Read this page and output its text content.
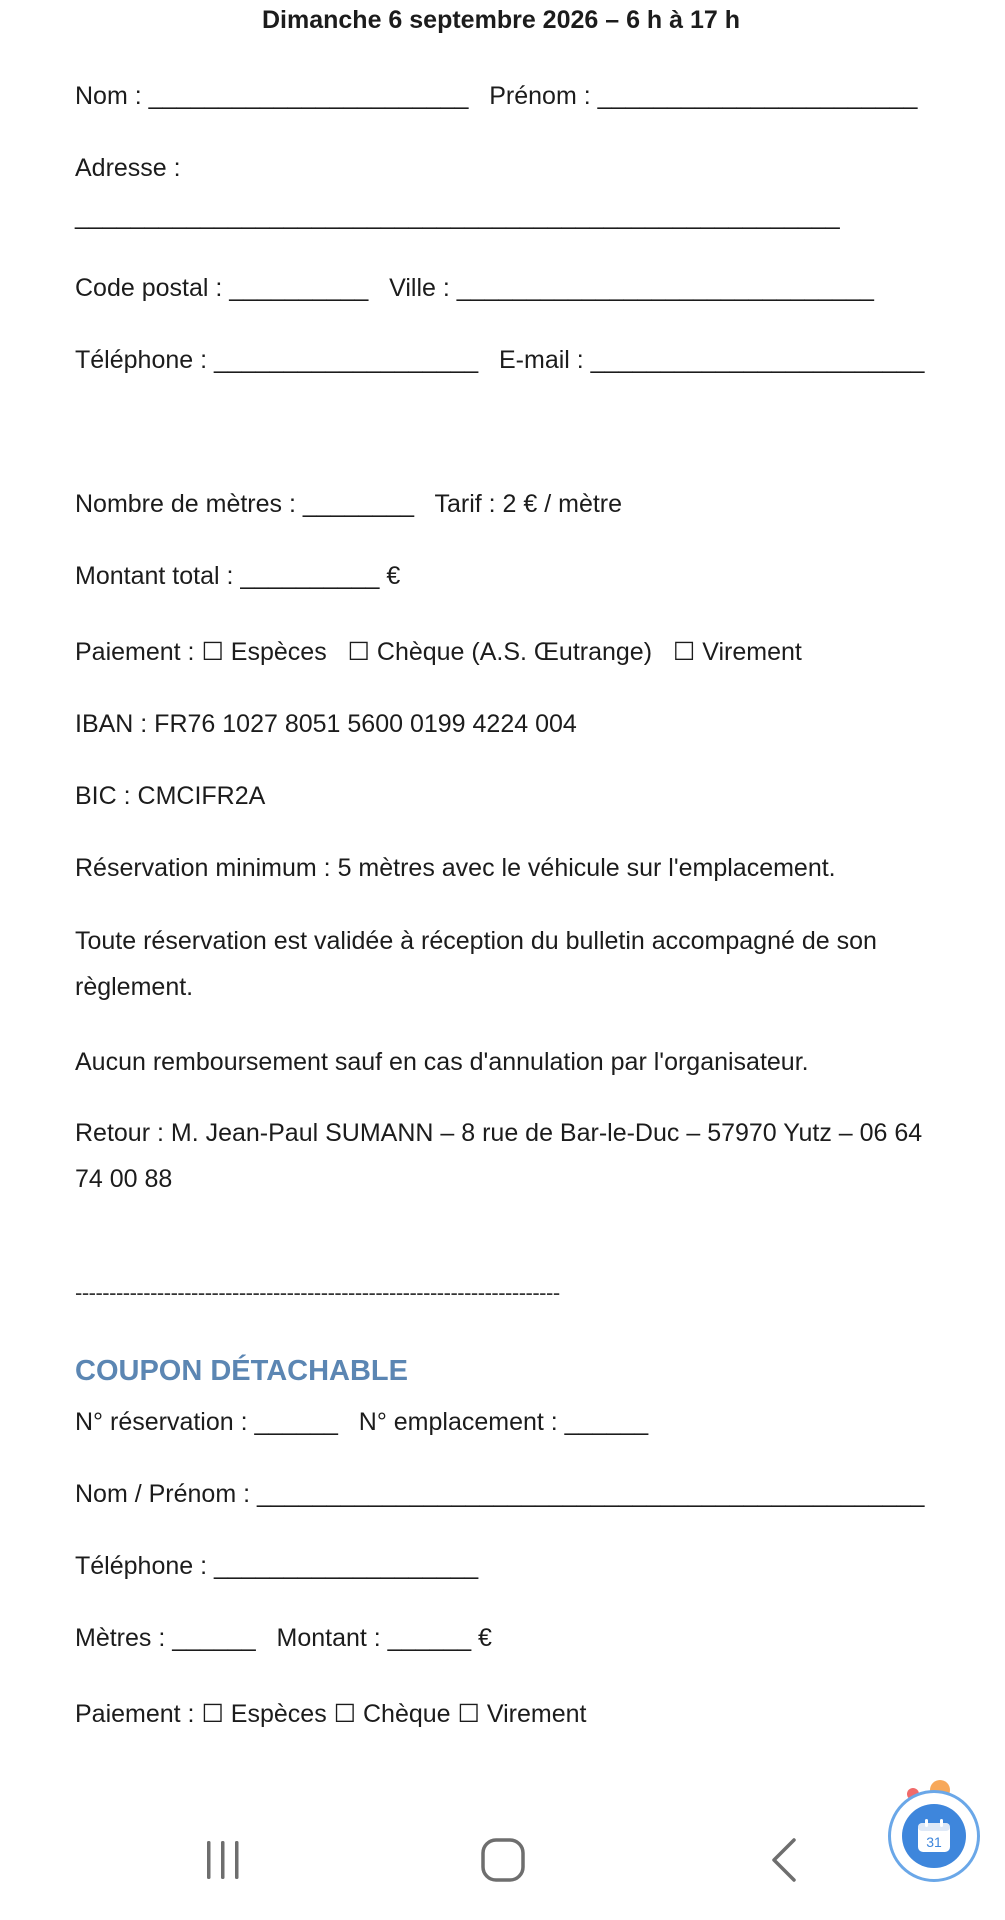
Dimanche 6 septembre 2026 – 6 h à 17 h
Nom : _______________________   Prénom : _______________________
Adresse :
_______________________________________________________
Code postal : __________   Ville : ______________________________
Téléphone : ___________________   E-mail : ________________________
Nombre de mètres : ________   Tarif : 2 € / mètre
Montant total : __________ €
Paiement : ☐ Espèces   ☐ Chèque (A.S. Œutrange)   ☐ Virement
IBAN : FR76 1027 8051 5600 0199 4224 004
BIC : CMCIFR2A
Réservation minimum : 5 mètres avec le véhicule sur l'emplacement.
Toute réservation est validée à réception du bulletin accompagné de son règlement.
Aucun remboursement sauf en cas d'annulation par l'organisateur.
Retour : M. Jean-Paul SUMANN – 8 rue de Bar-le-Duc – 57970 Yutz – 06 64 74 00 88
-----------------------------------------------------------------------
COUPON DÉTACHABLE
N° réservation : ______   N° emplacement : ______
Nom / Prénom : ________________________________________________
Téléphone : ___________________
Mètres : ______   Montant : ______ €
Paiement : ☐ Espèces ☐ Chèque ☐ Virement
31
